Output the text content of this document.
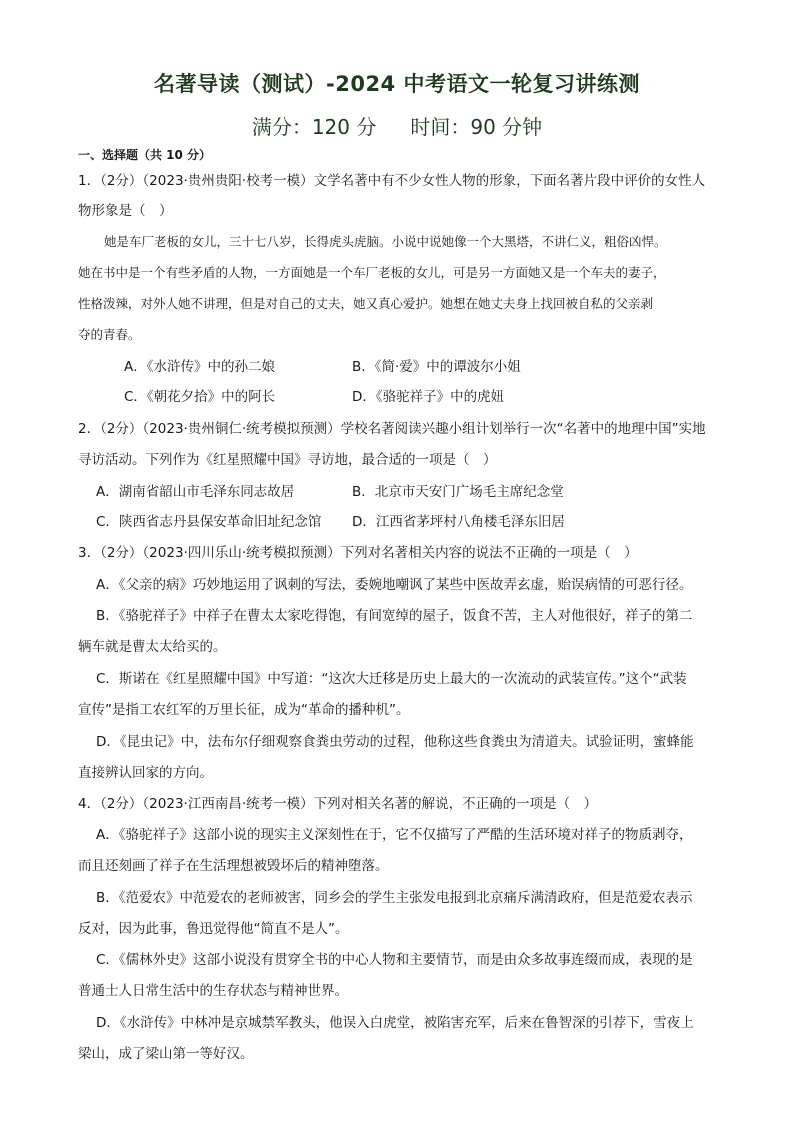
名著导读（测试）-2024 中考语文一轮复习讲练测
满分：120 分 时间：90 分钟
一、选择题（共 10 分）
1．（2分）（2023·贵州贵阳·校考一模）文学名著中有不少女性人物的形象，下面名著片段中评价的女性人
物形象是（　）
她是车厂老板的女儿，三十七八岁，长得虎头虎脑。小说中说她像一个大黑塔，不讲仁义，粗俗凶悍。
她在书中是一个有些矛盾的人物，一方面她是一个车厂老板的女儿，可是另一方面她又是一个车夫的妻子，
性格泼辣，对外人她不讲理，但是对自己的丈夫，她又真心爱护。她想在她丈夫身上找回被自私的父亲剥
夺的青春。
A．《水浒传》中的孙二娘	B．《简·爱》中的谭波尔小姐
C．《朝花夕拾》中的阿长	D．《骆驼祥子》中的虎妞
2．（2分）（2023·贵州铜仁·统考模拟预测）学校名著阅读兴趣小组计划举行一次“名著中的地理中国”实地
寻访活动。下列作为《红星照耀中国》寻访地，最合适的一项是（　）
A．湖南省韶山市毛泽东同志故居	B．北京市天安门广场毛主席纪念堂
C．陕西省志丹县保安革命旧址纪念馆 D．江西省茅坪村八角楼毛泽东旧居
3．（2分）（2023·四川乐山·统考模拟预测）下列对名著相关内容的说法不正确的一项是（　）
A．《父亲的病》巧妙地运用了讽刺的写法，委婉地嘲讽了某些中医故弄玄虚，贻误病情的可恶行径。
B．《骆驼祥子》中祥子在曹太太家吃得饱，有间宽绰的屋子，饭食不苦，主人对他很好，祥子的第二
辆车就是曹太太给买的。
C．斯诺在《红星照耀中国》中写道：“这次大迁移是历史上最大的一次流动的武装宣传。”这个“武装
宣传”是指工农红军的万里长征，成为“革命的播种机”。
D．《昆虫记》中，法布尔仔细观察食粪虫劳动的过程，他称这些食粪虫为清道夫。试验证明，蜜蜂能
直接辨认回家的方向。
4．（2分）（2023·江西南昌·统考一模）下列对相关名著的解说，不正确的一项是（　）
A．《骆驼祥子》这部小说的现实主义深刻性在于，它不仅描写了严酷的生活环境对祥子的物质剥夺，
而且还刻画了祥子在生活理想被毁坏后的精神堕落。
B．《范爱农》中范爱农的老师被害，同乡会的学生主张发电报到北京痛斥满清政府，但是范爱农表示
反对，因为此事，鲁迅觉得他“简直不是人”。
C．《儒林外史》这部小说没有贯穿全书的中心人物和主要情节，而是由众多故事连缀而成，表现的是
普通士人日常生活中的生存状态与精神世界。
D．《水浒传》中林冲是京城禁军教头，他误入白虎堂，被陷害充军，后来在鲁智深的引荐下，雪夜上
梁山，成了梁山第一等好汉。
